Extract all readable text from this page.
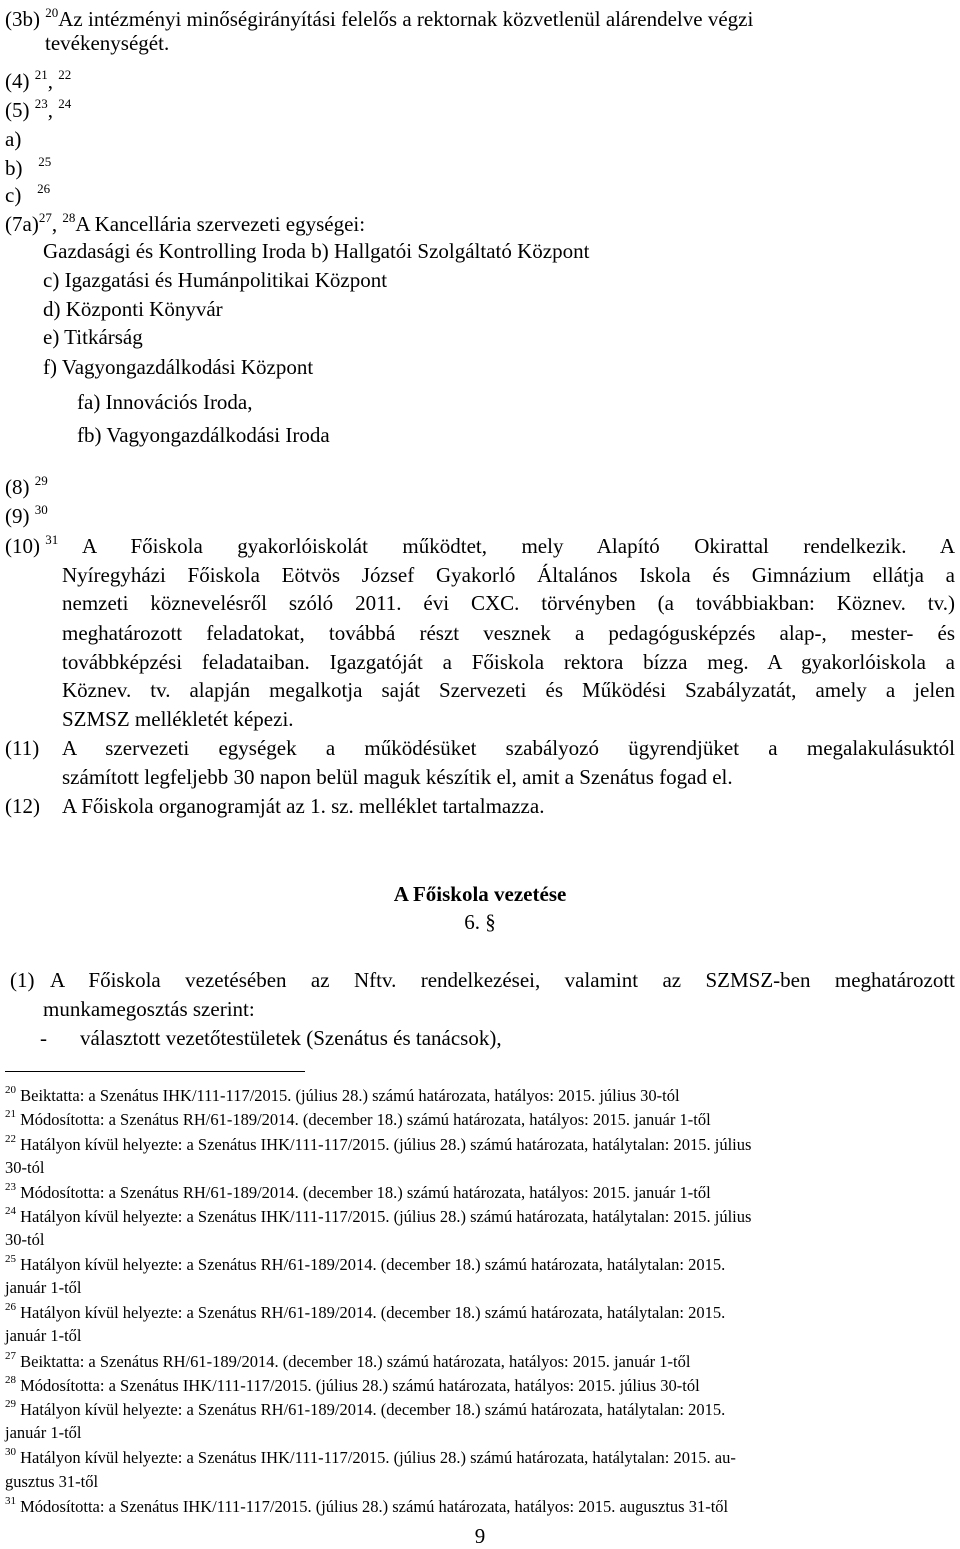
(3b) $^{20}$Az intézményi minőségirányítási felelős a rektornak közvetlenül alárendelve végzi
tevékenységét.
(4) $^{21}$, $^{22}$
(5) $^{23}$, $^{24}$
a)
b) $^{25}$
c) $^{26}$
$(7a)^{27}$, $^{28}$A Kancellária szervezeti egységei:
Gazdasági és Kontrolling Iroda b) Hallgatói Szolgáltató Központ
c) Igazgatási és Humánpolitikai Központ
d) Központi Könyvár
e) Titkárság
f) Vagyongazdálkodási Központ
fa) Innovációs Iroda,
fb) Vagyongazdálkodási Iroda
(8) $^{29}$
(9) $^{30}$
(10) $^{31}$ A Főiskola gyakorlóiskolát működtet, mely Alapító Okirattal rendelkezik. A
Nyíregyházi Főiskola Eötvös József Gyakorló Általános Iskola és Gimnázium ellátja a
nemzeti köznevelésről szóló 2011. évi CXC. törvényben (a továbbiakban: Köznev. tv.)
meghatározott feladatokat, továbbá részt vesznek a pedagógusképzés alap-, mester- és
továbbképzési feladataiban. Igazgatóját a Főiskola rektora bízza meg. A gyakorlóiskola a
Köznev. tv. alapján megalkotja saját Szervezeti és Működési Szabályzatát, amely a jelen
SZMSZ mellékletét képezi.
(11) A szervezeti egységek a működésüket szabályozó ügyrendjüket a megalakulásuktól
számított legfeljebb 30 napon belül maguk készítik el, amit a Szenátus fogad el.
(12) A Főiskola organogramját az 1. sz. melléklet tartalmazza.
A Főiskola vezetése
6. §
(1) A Főiskola vezetésében az Nftv. rendelkezései, valamint az SZMSZ-ben meghatározott
munkamegosztás szerint:
- választott vezetőtestületek (Szenátus és tanácsok),
$^{20}$ Beiktatta: a Szenátus IHK/111-117/2015. (július 28.) számú határozata, hatályos: 2015. július 30-tól
$^{21}$ Módosította: a Szenátus RH/61-189/2014. (december 18.) számú határozata, hatályos: 2015. január 1-től
$^{22}$ Hatályon kívül helyezte: a Szenátus IHK/111-117/2015. (július 28.) számú határozata, hatálytalan: 2015. július
30-tól
$^{23}$ Módosította: a Szenátus RH/61-189/2014. (december 18.) számú határozata, hatályos: 2015. január 1-től
$^{24}$ Hatályon kívül helyezte: a Szenátus IHK/111-117/2015. (július 28.) számú határozata, hatálytalan: 2015. július
30-tól
$^{25}$ Hatályon kívül helyezte: a Szenátus RH/61-189/2014. (december 18.) számú határozata, hatálytalan: 2015.
január 1-től
$^{26}$ Hatályon kívül helyezte: a Szenátus RH/61-189/2014. (december 18.) számú határozata, hatálytalan: 2015.
január 1-től
$^{27}$ Beiktatta: a Szenátus RH/61-189/2014. (december 18.) számú határozata, hatályos: 2015. január 1-től
$^{28}$ Módosította: a Szenátus IHK/111-117/2015. (július 28.) számú határozata, hatályos: 2015. július 30-tól
$^{29}$ Hatályon kívül helyezte: a Szenátus RH/61-189/2014. (december 18.) számú határozata, hatálytalan: 2015.
január 1-től
$^{30}$ Hatályon kívül helyezte: a Szenátus IHK/111-117/2015. (július 28.) számú határozata, hatálytalan: 2015. au-
gusztus 31-től
$^{31}$ Módosította: a Szenátus IHK/111-117/2015. (július 28.) számú határozata, hatályos: 2015. augusztus 31-től
9
